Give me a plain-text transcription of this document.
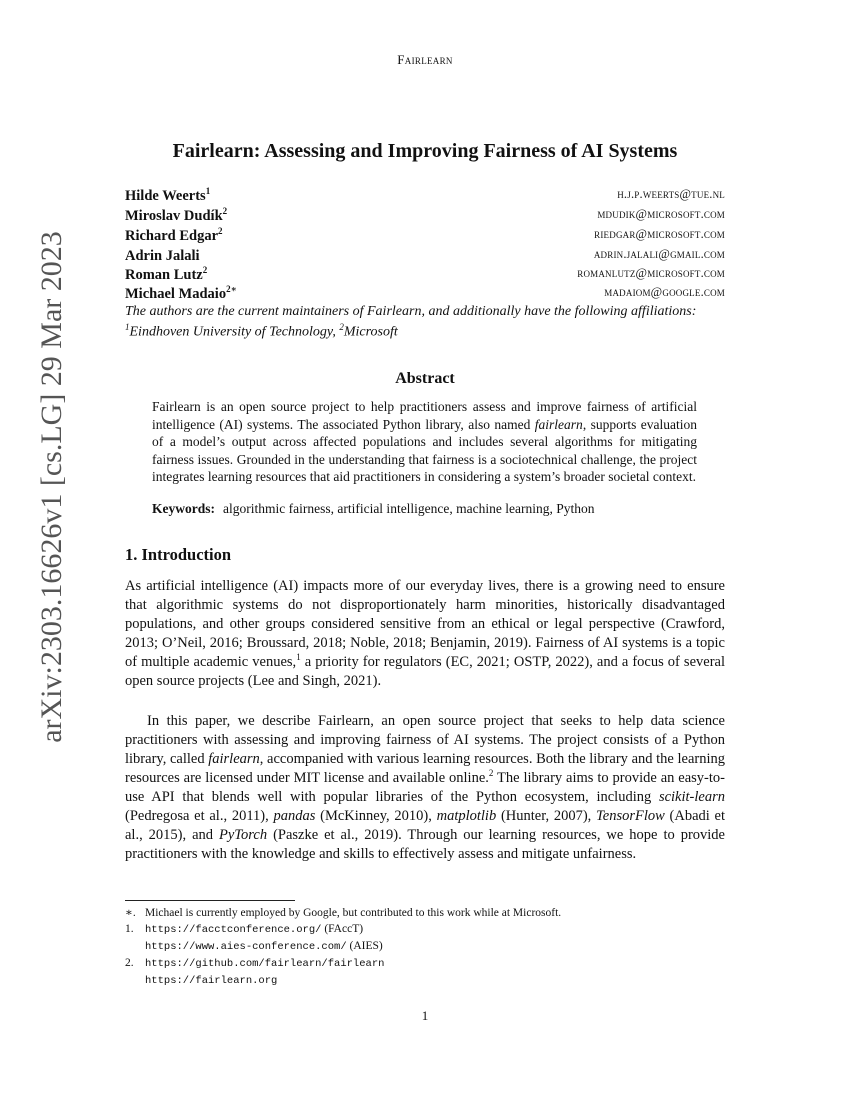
Fairlearn
arXiv:2303.16626v1 [cs.LG] 29 Mar 2023
Fairlearn: Assessing and Improving Fairness of AI Systems
Hilde Weerts$^1$	h.j.p.weerts@tue.nl
Miroslav Dudík$^2$	mdudik@microsoft.com
Richard Edgar$^2$	riedgar@microsoft.com
Adrin Jalali	adrin.jalali@gmail.com
Roman Lutz$^2$	romanlutz@microsoft.com
Michael Madaio$^{2∗}$	madaiom@google.com
The authors are the current maintainers of Fairlearn, and additionally have the following affiliations:
$^1$Eindhoven University of Technology, $^2$Microsoft
Abstract
Fairlearn is an open source project to help practitioners assess and improve fairness of artificial intelligence (AI) systems. The associated Python library, also named fairlearn, supports evaluation of a model’s output across affected populations and includes several algorithms for mitigating fairness issues. Grounded in the understanding that fairness is a sociotechnical challenge, the project integrates learning resources that aid practitioners in considering a system’s broader societal context.
Keywords: algorithmic fairness, artificial intelligence, machine learning, Python
1. Introduction
As artificial intelligence (AI) impacts more of our everyday lives, there is a growing need to ensure that algorithmic systems do not disproportionately harm minorities, historically disadvantaged populations, and other groups considered sensitive from an ethical or legal perspective (Crawford, 2013; O’Neil, 2016; Broussard, 2018; Noble, 2018; Benjamin, 2019). Fairness of AI systems is a topic of multiple academic venues,$^1$ a priority for regulators (EC, 2021; OSTP, 2022), and a focus of several open source projects (Lee and Singh, 2021).
In this paper, we describe Fairlearn, an open source project that seeks to help data science practitioners with assessing and improving fairness of AI systems. The project consists of a Python library, called fairlearn, accompanied with various learning resources. Both the library and the learning resources are licensed under MIT license and available online.$^2$ The library aims to provide an easy-to-use API that blends well with popular libraries of the Python ecosystem, including scikit-learn (Pedregosa et al., 2011), pandas (McKinney, 2010), matplotlib (Hunter, 2007), TensorFlow (Abadi et al., 2015), and PyTorch (Paszke et al., 2019). Through our learning resources, we hope to provide practitioners with the knowledge and skills to effectively assess and mitigate unfairness.
∗. Michael is currently employed by Google, but contributed to this work while at Microsoft.
1. https://facctconference.org/ (FAccT)
https://www.aies-conference.com/ (AIES)
2. https://github.com/fairlearn/fairlearn
https://fairlearn.org
1
